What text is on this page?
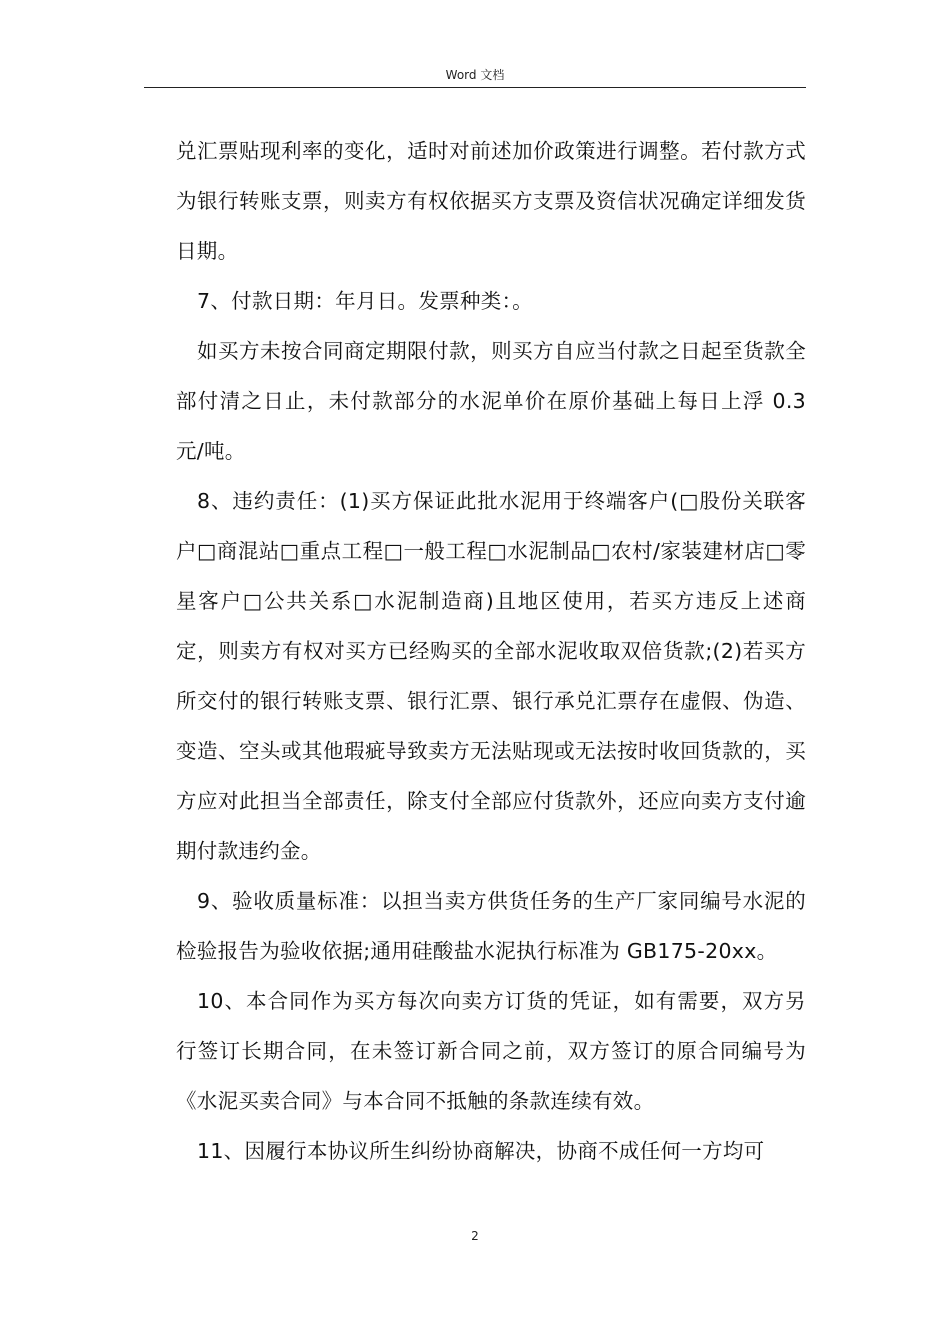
Word 文档

兑汇票贴现利率的变化，适时对前述加价政策进行调整。若付款方式为银行转账支票，则卖方有权依据买方支票及资信状况确定详细发货日期。

7、付款日期：年月日。发票种类：。

如买方未按合同商定期限付款，则买方自应当付款之日起至货款全部付清之日止，未付款部分的水泥单价在原价基础上每日上浮 0.3 元/吨。

8、违约责任：(1)买方保证此批水泥用于终端客户(□股份关联客户□商混站□重点工程□一般工程□水泥制品□农村/家装建材店□零星客户□公共关系□水泥制造商)且地区使用，若买方违反上述商定，则卖方有权对买方已经购买的全部水泥收取双倍货款;(2)若买方所交付的银行转账支票、银行汇票、银行承兑汇票存在虚假、伪造、变造、空头或其他瑕疵导致卖方无法贴现或无法按时收回货款的，买方应对此担当全部责任，除支付全部应付货款外，还应向卖方支付逾期付款违约金。

9、验收质量标准：以担当卖方供货任务的生产厂家同编号水泥的检验报告为验收依据;通用硅酸盐水泥执行标准为 GB175-20xx。

10、本合同作为买方每次向卖方订货的凭证，如有需要，双方另行签订长期合同，在未签订新合同之前，双方签订的原合同编号为《水泥买卖合同》与本合同不抵触的条款连续有效。

11、因履行本协议所生纠纷协商解决，协商不成任何一方均可

2
